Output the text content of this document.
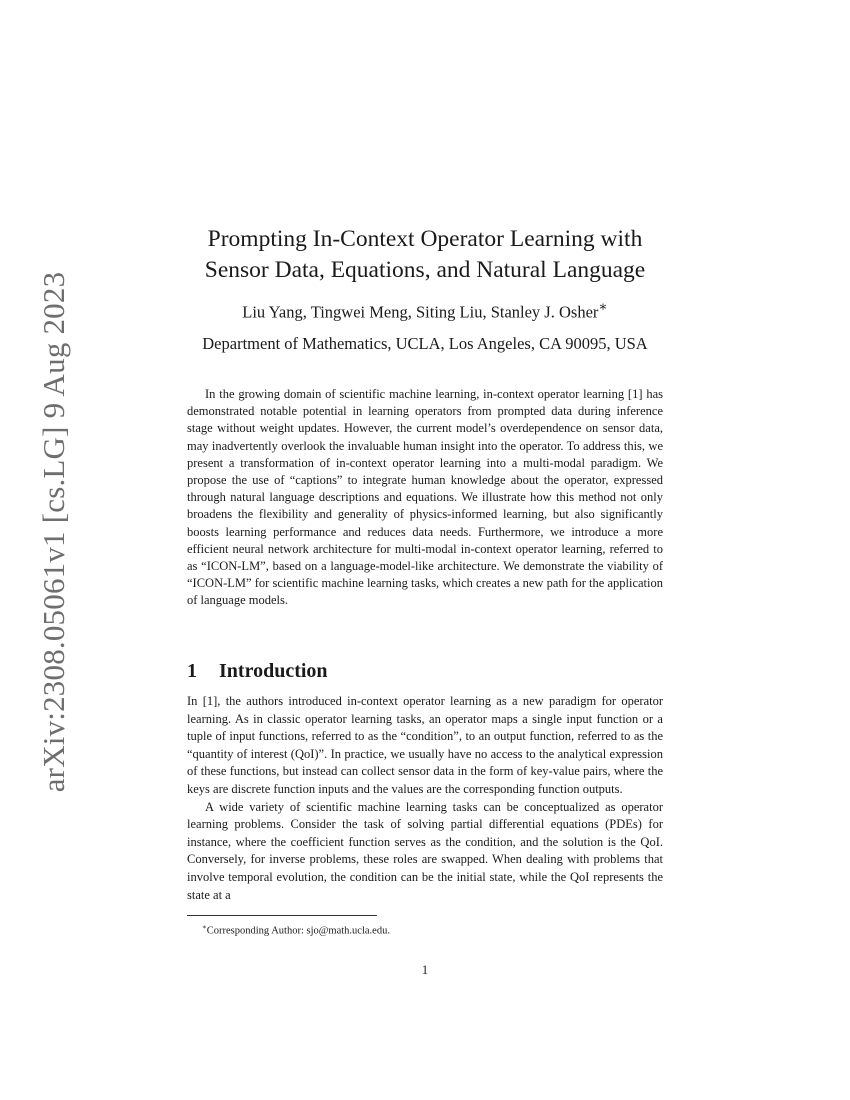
arXiv:2308.05061v1 [cs.LG] 9 Aug 2023
Prompting In-Context Operator Learning with
Sensor Data, Equations, and Natural Language
Liu Yang, Tingwei Meng, Siting Liu, Stanley J. Osher∗
Department of Mathematics, UCLA, Los Angeles, CA 90095, USA

In the growing domain of scientific machine learning, in-context operator learning [1] has demonstrated notable potential in learning operators from prompted data during inference stage without weight updates. However, the current model’s overdependence on sensor data, may inadvertently overlook the invaluable human insight into the operator. To address this, we present a transformation of in-context operator learning into a multi-modal paradigm. We propose the use of “captions” to integrate human knowledge about the operator, expressed through natural language descriptions and equations. We illustrate how this method not only broadens the flexibility and generality of physics-informed learning, but also significantly boosts learning performance and reduces data needs. Furthermore, we introduce a more efficient neural network architecture for multi-modal in-context operator learning, referred to as “ICON-LM”, based on a language-model-like architecture. We demonstrate the viability of “ICON-LM” for scientific machine learning tasks, which creates a new path for the application of language models.

1 Introduction

In [1], the authors introduced in-context operator learning as a new paradigm for operator learning. As in classic operator learning tasks, an operator maps a single input function or a tuple of input functions, referred to as the “condition”, to an output function, referred to as the “quantity of interest (QoI)”. In practice, we usually have no access to the analytical expression of these functions, but instead can collect sensor data in the form of key-value pairs, where the keys are discrete function inputs and the values are the corresponding function outputs.

A wide variety of scientific machine learning tasks can be conceptualized as operator learning problems. Consider the task of solving partial differential equations (PDEs) for instance, where the coefficient function serves as the condition, and the solution is the QoI. Conversely, for inverse problems, these roles are swapped. When dealing with problems that involve temporal evolution, the condition can be the initial state, while the QoI represents the state at a

∗Corresponding Author: sjo@math.ucla.edu.
1
